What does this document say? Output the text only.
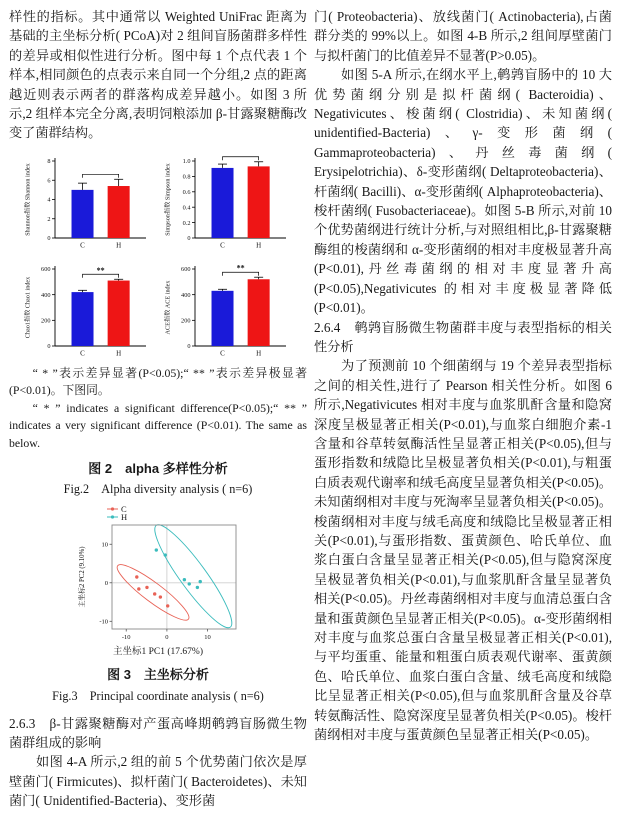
样性的指标。其中通常以 Weighted UniFrac 距离为基础的主坐标分析( PCoA)对 2 组间盲肠菌群多样性的差异或相似性进行分析。图中每 1 个点代表 1 个样本,相同颜色的点表示来自同一个分组,2 点的距离越近则表示两者的群落构成差异越小。如图 3 所示,2 组样本完全分离,表明饲粮添加 β-甘露聚糖酶改变了菌群结构。

0
2
4
6
8
C	H
Shannon指数 Shannon index
0
0.2
0.4
0.6
0.8
1.0
C	H
Simpson指数 Simpson index
0
200
400
600
C	H
**
Chao1指数 Chao1 index
0
200
400
600
C	H
**
ACE指数 ACE index

“ * ”表示差异显著(P<0.05);“ ** ”表示差异极显著(P<0.01)。下图同。

“ * ” indicates a significant difference(P<0.05);“ ** ” indicates a very significant difference (P<0.01). The same as below.

图 2　alpha 多样性分析

Fig.2　Alpha diversity analysis ( n=6)

C
H
-10	0	10
-10
0
10
主坐标2 PC2 (9.10%)
主坐标1 PC1 (17.67%)

图 3　主坐标分析

Fig.3　Principal coordinate analysis ( n=6)

2.6.3　β-甘露聚糖酶对产蛋高峰期鹌鹑盲肠微生物菌群组成的影响

如图 4-A 所示,2 组的前 5 个优势菌门依次是厚壁菌门( Firmicutes)、拟杆菌门( Bacteroidetes)、未知菌门( Unidentified-Bacteria)、变形菌

门( Proteobacteria)、放线菌门( Actinobacteria),占菌群分类的 99%以上。如图 4-B 所示,2 组间厚壁菌门与拟杆菌门的比值差异不显著(P>0.05)。

如图 5-A 所示,在纲水平上,鹌鹑盲肠中的 10 大优势菌纲分别是拟杆菌纲( Bacteroidia)、Negativicutes、梭菌纲( Clostridia)、未知菌纲( unidentified-Bacteria)、γ-变形菌纲( Gammaproteobacteria)、丹丝毒菌纲( Erysipelotrichia)、δ-变形菌纲( Deltaproteobacteria)、杆菌纲( Bacilli)、α-变形菌纲( Alphaproteobacteria)、梭杆菌纲( Fusobacteriaceae)。如图 5-B 所示,对前 10 个优势菌纲进行统计分析,与对照组相比,β-甘露聚糖酶组的梭菌纲和 α-变形菌纲的相对丰度极显著升高(P<0.01),丹丝毒菌纲的相对丰度显著升高(P<0.05),Negativicutes 的相对丰度极显著降低(P<0.01)。

2.6.4　鹌鹑盲肠微生物菌群丰度与表型指标的相关性分析

为了预测前 10 个细菌纲与 19 个差异表型指标之间的相关性,进行了 Pearson 相关性分析。如图 6 所示,Negativicutes 相对丰度与血浆肌酐含量和隐窝深度呈极显著正相关(P<0.01),与血浆白细胞介素-1 含量和谷草转氨酶活性呈显著正相关(P<0.05),但与蛋形指数和绒隐比呈极显著负相关(P<0.01),与粗蛋白质表观代谢率和绒毛高度呈显著负相关(P<0.05)。未知菌纲相对丰度与死淘率呈显著负相关(P<0.05)。梭菌纲相对丰度与绒毛高度和绒隐比呈极显著正相关(P<0.01),与蛋形指数、蛋黄颜色、哈氏单位、血浆白蛋白含量呈显著正相关(P<0.05),但与隐窝深度呈极显著负相关(P<0.01),与血浆肌酐含量呈显著负相关(P<0.05)。丹丝毒菌纲相对丰度与血清总蛋白含量和蛋黄颜色呈显著正相关(P<0.05)。α-变形菌纲相对丰度与血浆总蛋白含量呈极显著正相关(P<0.01),与平均蛋重、能量和粗蛋白质表观代谢率、蛋黄颜色、哈氏单位、血浆白蛋白含量、绒毛高度和绒隐比呈显著正相关(P<0.05),但与血浆肌酐含量及谷草转氨酶活性、隐窝深度呈显著负相关(P<0.05)。梭杆菌纲相对丰度与蛋黄颜色呈显著正相关(P<0.05)。
